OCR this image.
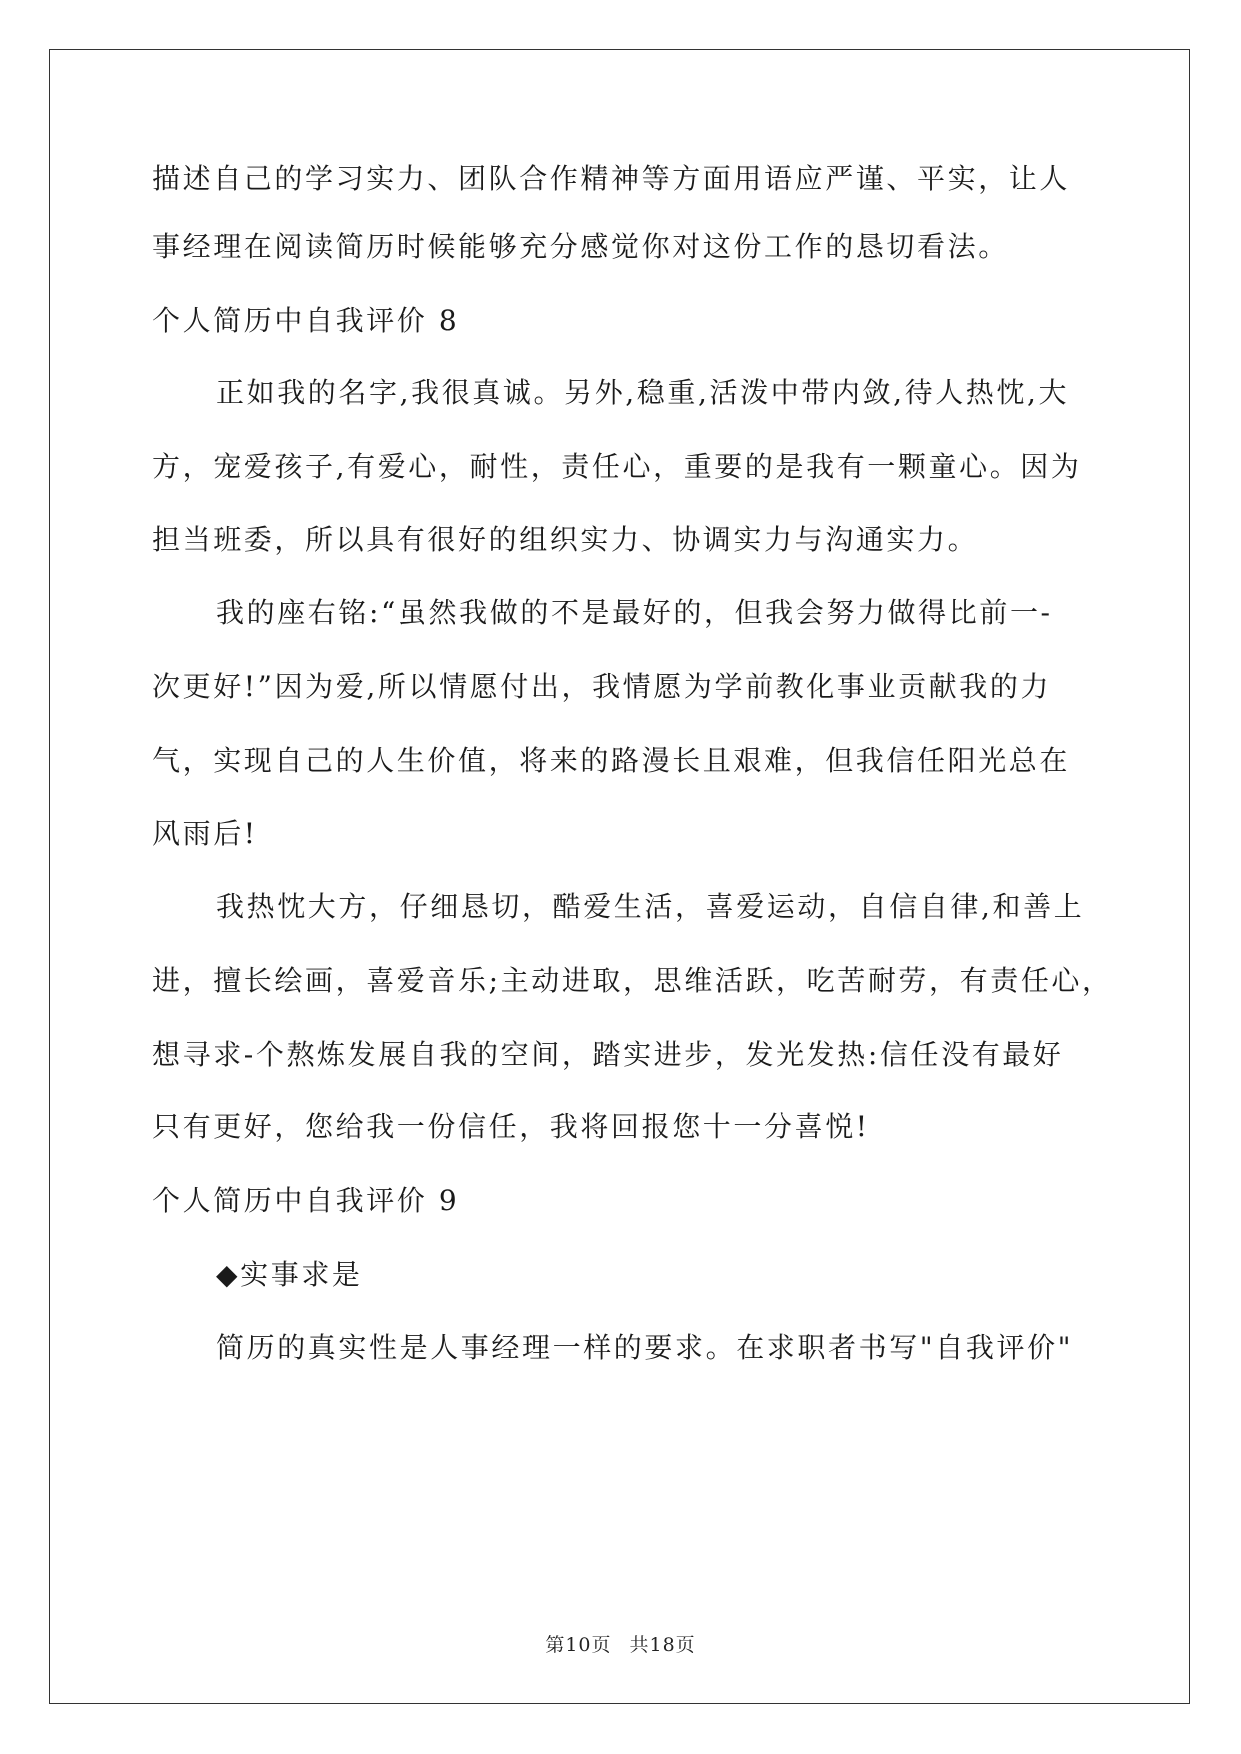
描述自己的学习实力、团队合作精神等方面用语应严谨、平实，让人
事经理在阅读简历时候能够充分感觉你对这份工作的恳切看法。
个人简历中自我评价 8
正如我的名字,我很真诚。另外,稳重,活泼中带内敛,待人热忱,大
方，宠爱孩子,有爱心，耐性，责任心，重要的是我有一颗童心。因为
担当班委，所以具有很好的组织实力、协调实力与沟通实力。
我的座右铭:“虽然我做的不是最好的，但我会努力做得比前一-
次更好!”因为爱,所以情愿付出，我情愿为学前教化事业贡献我的力
气，实现自己的人生价值，将来的路漫长且艰难，但我信任阳光总在
风雨后!
我热忱大方，仔细恳切，酷爱生活，喜爱运动，自信自律,和善上
进，擅长绘画，喜爱音乐;主动进取，思维活跃，吃苦耐劳，有责任心，
想寻求-个熬炼发展自我的空间，踏实进步，发光发热:信任没有最好
只有更好，您给我一份信任，我将回报您十一分喜悦!
个人简历中自我评价 9
◆实事求是
简历的真实性是人事经理一样的要求。在求职者书写"自我评价"
第10页 共18页
